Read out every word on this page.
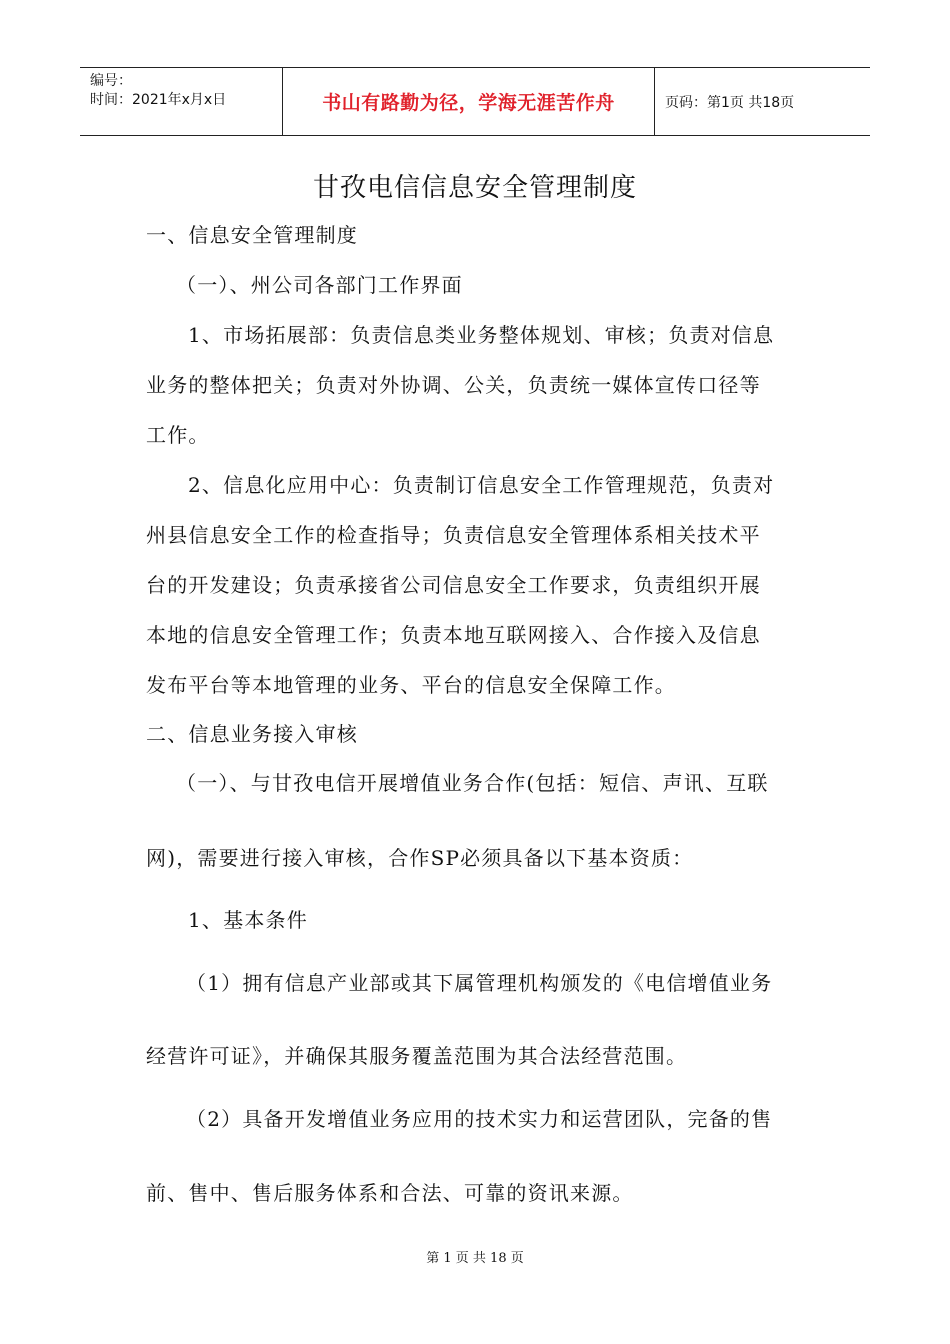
编号：
时间：2021年x月x日	书山有路勤为径，学海无涯苦作舟	页码：第1页 共18页
甘孜电信信息安全管理制度
一、信息安全管理制度
（一）、州公司各部门工作界面
1、市场拓展部：负责信息类业务整体规划、审核；负责对信息
业务的整体把关；负责对外协调、公关，负责统一媒体宣传口径等
工作。
2、信息化应用中心：负责制订信息安全工作管理规范，负责对
州县信息安全工作的检查指导；负责信息安全管理体系相关技术平
台的开发建设；负责承接省公司信息安全工作要求，负责组织开展
本地的信息安全管理工作；负责本地互联网接入、合作接入及信息
发布平台等本地管理的业务、平台的信息安全保障工作。
二、信息业务接入审核
（一）、与甘孜电信开展增值业务合作(包括：短信、声讯、互联
网)，需要进行接入审核，合作SP必须具备以下基本资质：
1、基本条件
（1）拥有信息产业部或其下属管理机构颁发的《电信增值业务
经营许可证》，并确保其服务覆盖范围为其合法经营范围。
（2）具备开发增值业务应用的技术实力和运营团队，完备的售
前、售中、售后服务体系和合法、可靠的资讯来源。
第 1 页 共 18 页
